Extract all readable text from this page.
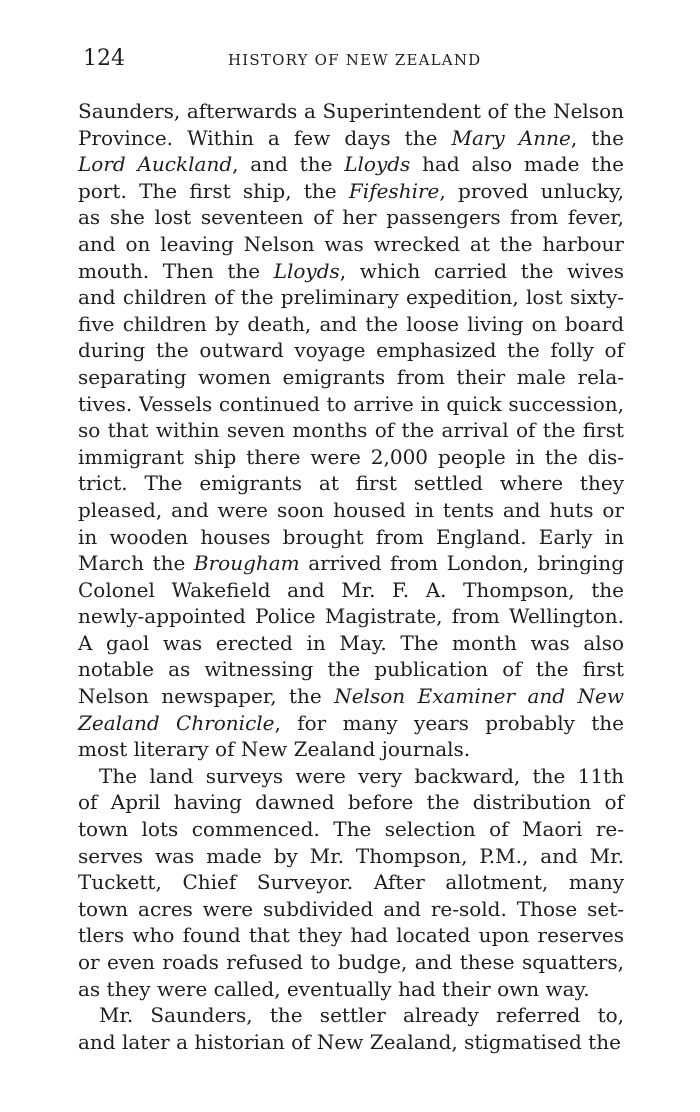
124	HISTORY OF NEW ZEALAND
Saunders, afterwards a Superintendent of the Nelson
Province. Within a few days the Mary Anne, the
Lord Auckland, and the Lloyds had also made the
port. The first ship, the Fifeshire, proved unlucky,
as she lost seventeen of her passengers from fever,
and on leaving Nelson was wrecked at the harbour
mouth. Then the Lloyds, which carried the wives
and children of the preliminary expedition, lost sixty-
five children by death, and the loose living on board
during the outward voyage emphasized the folly of
separating women emigrants from their male rela-
tives. Vessels continued to arrive in quick succession,
so that within seven months of the arrival of the first
immigrant ship there were 2,000 people in the dis-
trict. The emigrants at first settled where they
pleased, and were soon housed in tents and huts or
in wooden houses brought from England. Early in
March the Brougham arrived from London, bringing
Colonel Wakefield and Mr. F. A. Thompson, the
newly-appointed Police Magistrate, from Wellington.
A gaol was erected in May. The month was also
notable as witnessing the publication of the first
Nelson newspaper, the Nelson Examiner and New
Zealand Chronicle, for many years probably the
most literary of New Zealand journals.
The land surveys were very backward, the 11th
of April having dawned before the distribution of
town lots commenced. The selection of Maori re-
serves was made by Mr. Thompson, P.M., and Mr.
Tuckett, Chief Surveyor. After allotment, many
town acres were subdivided and re-sold. Those set-
tlers who found that they had located upon reserves
or even roads refused to budge, and these squatters,
as they were called, eventually had their own way.
Mr. Saunders, the settler already referred to,
and later a historian of New Zealand, stigmatised the
